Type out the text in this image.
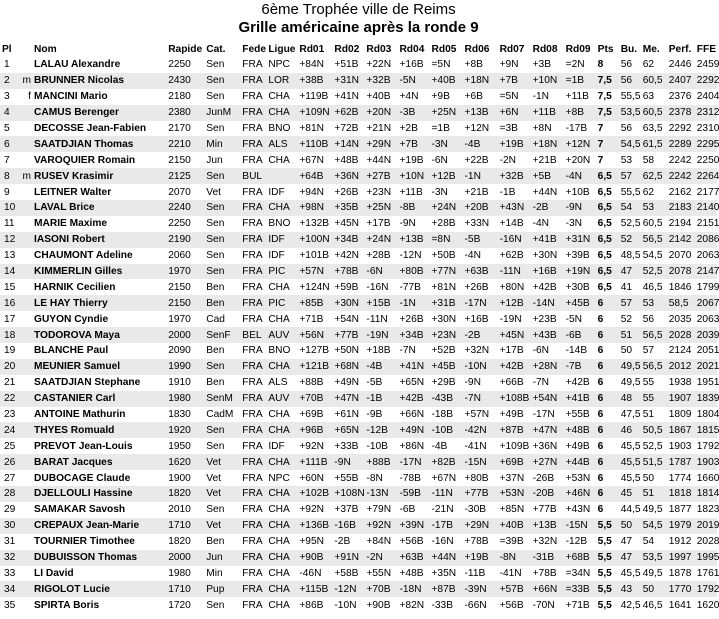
6ème Trophée ville de Reims
Grille américaine après la ronde 9
Pl		Nom	Rapide	Cat.	Fede	Ligue	Rd01	Rd02	Rd03	Rd04	Rd05	Rd06	Rd07	Rd08	Rd09	Pts	Bu.	Me.	Perf.	FFE
1		LALAU Alexandre	2250	Sen	FRA	NPC	+84N	+51B	+22N	+16B	=5N	+8B	+9N	+3B	=2N	8	56	62	2446	2459
2	m	BRUNNER Nicolas	2430	Sen	FRA	LOR	+38B	+31N	+32B	-5N	+40B	+18N	+7B	+10N	=1B	7,5	56	60,5	2407	2292
3	f	MANCINI Mario	2180	Sen	FRA	CHA	+119B	+41N	+40B	+4N	+9B	+6B	=5N	-1N	+11B	7,5	55,5	63	2376	2404
4		CAMUS Berenger	2380	JunM	FRA	CHA	+109N	+62B	+20N	-3B	+25N	+13B	+6N	+11B	+8B	7,5	53,5	60,5	2378	2312
5		DECOSSE Jean-Fabien	2170	Sen	FRA	BNO	+81N	+72B	+21N	+2B	=1B	+12N	=3B	+8N	-17B	7	56	63,5	2292	2310
6		SAATDJIAN Thomas	2210	Min	FRA	ALS	+110B	+14N	+29N	+7B	-3N	-4B	+19B	+18N	+12N	7	54,5	61,5	2289	2295
7		VAROQUIER Romain	2150	Jun	FRA	CHA	+67N	+48B	+44N	+19B	-6N	+22B	-2N	+21B	+20N	7	53	58	2242	2250
8	m	RUSEV Krasimir	2125	Sen	BUL		+64B	+36N	+27B	+10N	+12B	-1N	+32B	+5B	-4N	6,5	57	62,5	2242	2264
9		LEITNER Walter	2070	Vet	FRA	IDF	+94N	+26B	+23N	+11B	-3N	+21B	-1B	+44N	+10B	6,5	55,5	62	2162	2177
10		LAVAL Brice	2240	Sen	FRA	CHA	+98N	+35B	+25N	-8B	+24N	+20B	+43N	-2B	-9N	6,5	54	53	2183	2140
11		MARIE Maxime	2250	Sen	FRA	BNO	+132B	+45N	+17B	-9N	+28B	+33N	+14B	-4N	-3N	6,5	52,5	60,5	2194	2151
12		IASONI Robert	2190	Sen	FRA	IDF	+100N	+34B	+24N	+13B	=8N	-5B	-16N	+41B	+31N	6,5	52	56,5	2142	2086
13		CHAUMONT Adeline	2060	Sen	FRA	IDF	+101B	+42N	+28B	-12N	+50B	-4N	+62B	+30N	+39B	6,5	48,5	54,5	2070	2063
14		KIMMERLIN Gilles	1970	Sen	FRA	PIC	+57N	+78B	-6N	+80B	+77N	+63B	-11N	+16B	+19N	6,5	47	52,5	2078	2147
15		HARNIK Cecilien	2150	Ben	FRA	CHA	+124N	+59B	-16N	-77B	+81N	+26B	+80N	+42B	+30B	6,5	41	46,5	1846	1799
16		LE HAY Thierry	2150	Ben	FRA	PIC	+85B	+30N	+15B	-1N	+31B	-17N	+12B	-14N	+45B	6	57	53	58,5	2067
17		GUYON Cyndie	1970	Cad	FRA	CHA	+71B	+54N	-11N	+26B	+30N	+16B	-19N	+23B	-5N	6	52	56	2035	2063
18		TODOROVA Maya	2000	SenF	BEL	AUV	+56N	+77B	-19N	+34B	+23N	-2B	+45N	+43B	-6B	6	51	56,5	2028	2039
19		BLANCHE Paul	2090	Ben	FRA	BNO	+127B	+50N	+18B	-7N	+52B	+32N	+17B	-6N	-14B	6	50	57	2124	2051
20		MEUNIER Samuel	1990	Sen	FRA	CHA	+121B	+68N	-4B	+41N	+45B	-10N	+42B	+28N	-7B	6	49,5	56,5	2012	2021
21		SAATDJIAN Stephane	1910	Ben	FRA	ALS	+88B	+49N	-5B	+65N	+29B	-9N	+66B	-7N	+42B	6	49,5	55	1938	1951
22		CASTANIER Carl	1980	SenM	FRA	AUV	+70B	+47N	-1B	+42B	-43B	-7N	+108B	+54N	+41B	6	48	55	1907	1839
23		ANTOINE Mathurin	1830	CadM	FRA	CHA	+69B	+61N	-9B	+66N	-18B	+57N	+49B	-17N	+55B	6	47,5	51	1809	1804
24		THYES Romuald	1920	Sen	FRA	CHA	+96B	+65N	-12B	+49N	-10B	-42N	+87B	+47N	+48B	6	46	50,5	1867	1815
25		PREVOT Jean-Louis	1950	Sen	FRA	IDF	+92N	+33B	-10B	+86N	-4B	-41N	+109B	+36N	+49B	6	45,5	52,5	1903	1792
26		BARAT Jacques	1620	Vet	FRA	CHA	+111B	-9N	+88B	-17N	+82B	-15N	+69B	+27N	+44B	6	45,5	51,5	1787	1903
27		DUBOCAGE Claude	1900	Vet	FRA	NPC	+60N	+55B	-8N	-78B	+67N	+80B	+37N	-26B	+53N	6	45,5	50	1774	1660
28		DJELLOULI Hassine	1820	Vet	FRA	CHA	+102B	+108N	-13N	-59B	-11N	+77B	+53N	-20B	+46N	6	45	51	1818	1814
29		SAMAKAR Savosh	2010	Sen	FRA	CHA	+92N	+37B	+79N	-6B	-21N	-30B	+85N	+77B	+43N	6	44,5	49,5	1877	1823
30		CREPAUX Jean-Marie	1710	Vet	FRA	CHA	+136B	-16B	+92N	+39N	-17B	+29N	+40B	+13B	-15N	5,5	50	54,5	1979	2019
31		TOURNIER Timothee	1820	Ben	FRA	CHA	+95N	-2B	+84N	+56B	-16N	+78B	=39B	+32N	-12B	5,5	47	54	1912	2028
32		DUBUISSON Thomas	2000	Jun	FRA	CHA	+90B	+91N	-2N	+63B	+44N	+19B	-8N	-31B	+68B	5,5	47	53,5	1997	1995
33		LI David	1980	Min	FRA	CHA	-46N	+58B	+55N	+48B	+35N	-11B	-41N	+78B	=34N	5,5	45,5	49,5	1878	1761
34		RIGOLOT Lucie	1710	Pup	FRA	CHA	+115B	-12N	+70B	-18N	+87B	-39N	+57B	+66N	=33B	5,5	43	50	1770	1792
35		SPIRTA Boris	1720	Sen	FRA	CHA	+86B	-10N	+90B	+82N	-33B	-66N	+56B	-70N	+71B	5,5	42,5	46,5	1641	1620
